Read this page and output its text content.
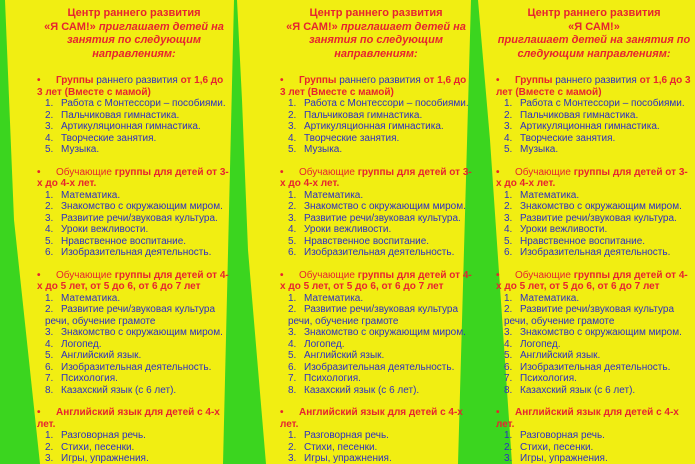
Центр раннего развития
«Я САМ!» приглашает детей на
занятия по следующим
направлениям:
• Группы раннего развития от 1,6 до 3 лет (Вместе с мамой)
1. Работа с Монтессори – пособиями.
2. Пальчиковая гимнастика.
3. Артикуляционная гимнастика.
4. Творческие занятия.
5. Музыка.
• Обучающие группы для детей от 3-х до 4-х лет.
1. Математика.
2. Знакомство с окружающим миром.
3. Развитие речи/звуковая культура.
4. Уроки вежливости.
5. Нравственное воспитание.
6. Изобразительная деятельность.
• Обучающие группы для детей от 4-х до 5 лет, от 5 до 6, от 6 до 7 лет
1. Математика.
2. Развитие речи/звуковая культура речи, обучение грамоте
3. Знакомство с окружающим миром.
4. Логопед.
5. Английский язык.
6. Изобразительная деятельность.
7. Психология.
8. Казахский язык (с 6 лет).
• Английский язык для детей с 4-х лет.
1. Разговорная речь.
2. Стихи, песенки.
3. Игры, упражнения.
Центр раннего развития
«Я САМ!» приглашает детей на
занятия по следующим
направлениям:
• Группы раннего развития от 1,6 до 3 лет (Вместе с мамой)
1. Работа с Монтессори – пособиями.
2. Пальчиковая гимнастика.
3. Артикуляционная гимнастика.
4. Творческие занятия.
5. Музыка.
• Обучающие группы для детей от 3-х до 4-х лет.
1. Математика.
2. Знакомство с окружающим миром.
3. Развитие речи/звуковая культура.
4. Уроки вежливости.
5. Нравственное воспитание.
6. Изобразительная деятельность.
• Обучающие группы для детей от 4-х до 5 лет, от 5 до 6, от 6 до 7 лет
1. Математика.
2. Развитие речи/звуковая культура речи, обучение грамоте
3. Знакомство с окружающим миром.
4. Логопед.
5. Английский язык.
6. Изобразительная деятельность.
7. Психология.
8. Казахский язык (с 6 лет).
• Английский язык для детей с 4-х лет.
1. Разговорная речь.
2. Стихи, песенки.
3. Игры, упражнения.
Центр раннего развития
«Я САМ!»
приглашает детей на занятия по
следующим направлениям:
• Группы раннего развития от 1,6 до 3 лет (Вместе с мамой)
1. Работа с Монтессори – пособиями.
2. Пальчиковая гимнастика.
3. Артикуляционная гимнастика.
4. Творческие занятия.
5. Музыка.
• Обучающие группы для детей от 3-х до 4-х лет.
1. Математика.
2. Знакомство с окружающим миром.
3. Развитие речи/звуковая культура.
4. Уроки вежливости.
5. Нравственное воспитание.
6. Изобразительная деятельность.
• Обучающие группы для детей от 4-х до 5 лет, от 5 до 6, от 6 до 7 лет
1. Математика.
2. Развитие речи/звуковая культура речи, обучение грамоте
3. Знакомство с окружающим миром.
4. Логопед.
5. Английский язык.
6. Изобразительная деятельность.
7. Психология.
8. Казахский язык (с 6 лет).
• Английский язык для детей с 4-х лет.
1. Разговорная речь.
2. Стихи, песенки.
3. Игры, упражнения.
